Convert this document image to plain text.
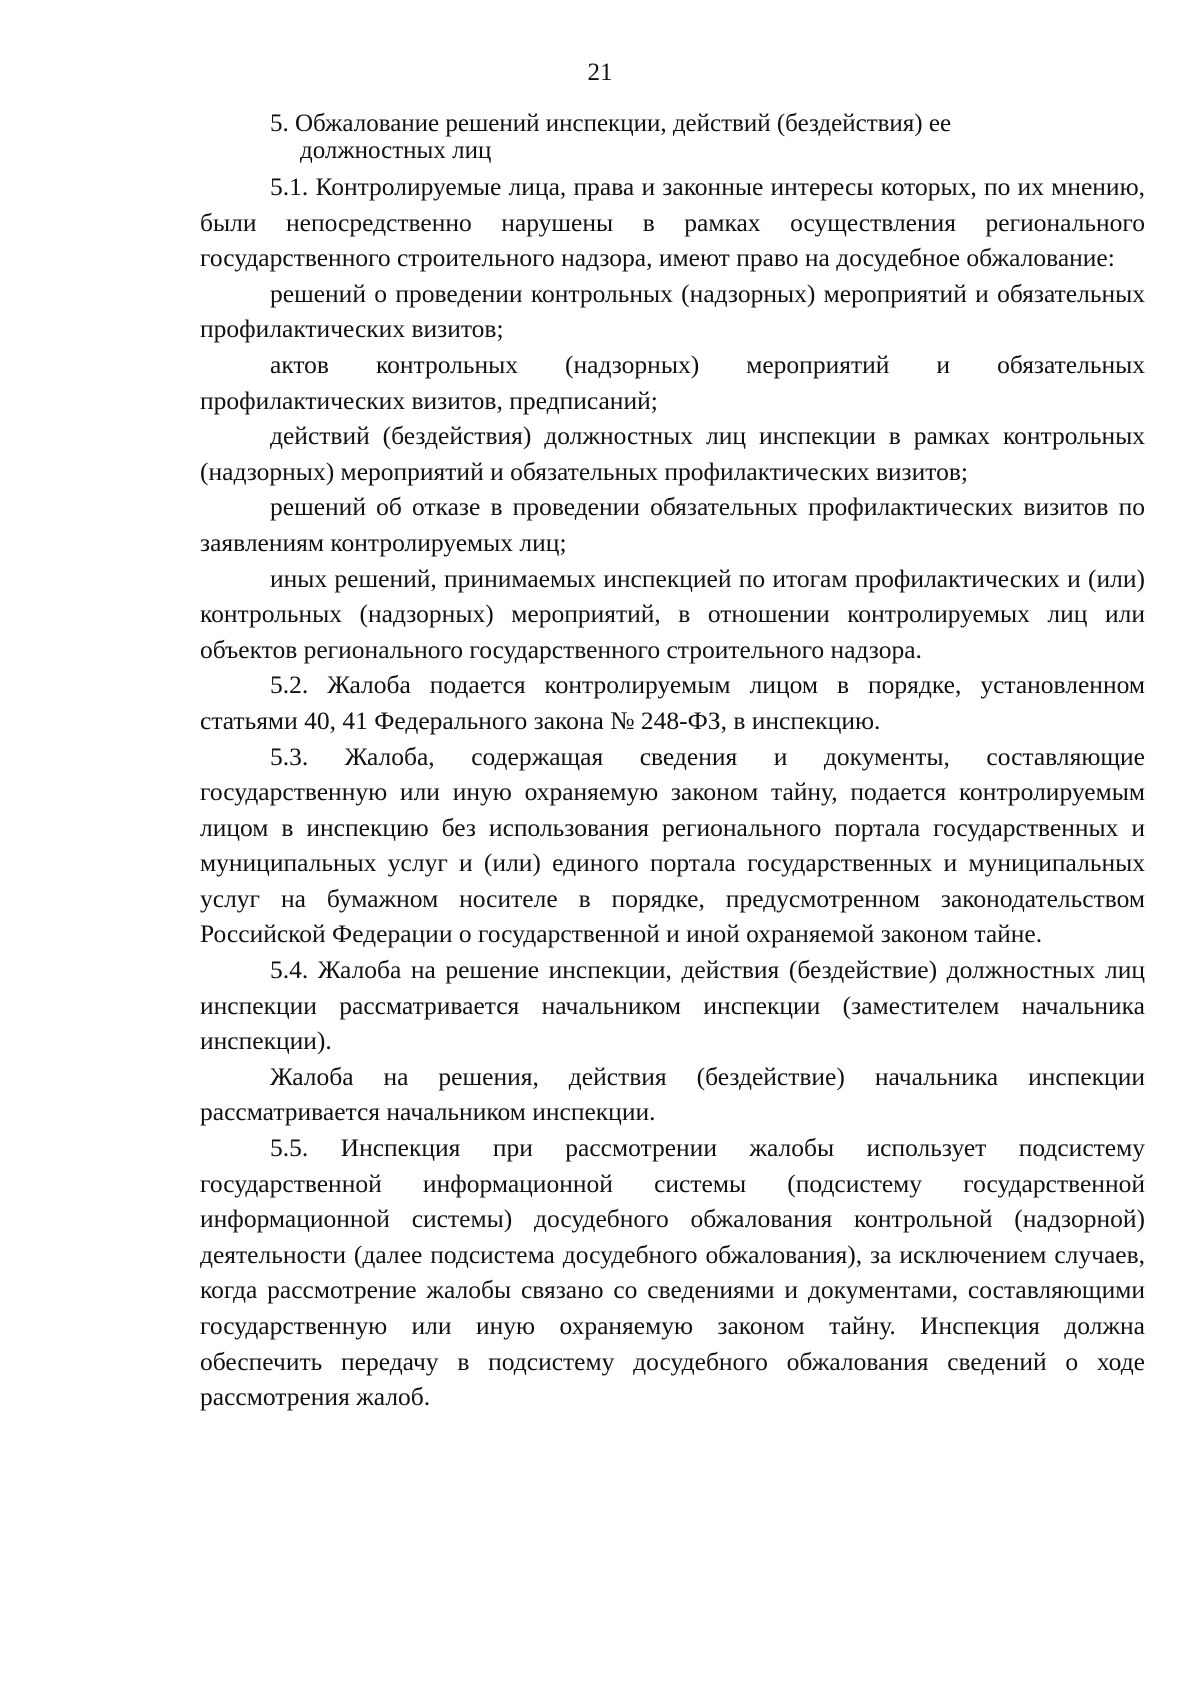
21
5. Обжалование решений инспекции, действий (бездействия) ее
должностных лиц

5.1. Контролируемые лица, права и законные интересы которых, по их мнению, были непосредственно нарушены в рамках осуществления регионального государственного строительного надзора, имеют право на досудебное обжалование:

решений о проведении контрольных (надзорных) мероприятий и обязательных профилактических визитов;

актов контрольных (надзорных) мероприятий и обязательных профилактических визитов, предписаний;

действий (бездействия) должностных лиц инспекции в рамках контрольных (надзорных) мероприятий и обязательных профилактических визитов;

решений об отказе в проведении обязательных профилактических визитов по заявлениям контролируемых лиц;

иных решений, принимаемых инспекцией по итогам профилактических и (или) контрольных (надзорных) мероприятий, в отношении контролируемых лиц или объектов регионального государственного строительного надзора.

5.2. Жалоба подается контролируемым лицом в порядке, установленном статьями 40, 41 Федерального закона № 248-ФЗ, в инспекцию.

5.3. Жалоба, содержащая сведения и документы, составляющие государственную или иную охраняемую законом тайну, подается контролируемым лицом в инспекцию без использования регионального портала государственных и муниципальных услуг и (или) единого портала государственных и муниципальных услуг на бумажном носителе в порядке, предусмотренном законодательством Российской Федерации о государственной и иной охраняемой законом тайне.

5.4. Жалоба на решение инспекции, действия (бездействие) должностных лиц инспекции рассматривается начальником инспекции (заместителем начальника инспекции).

Жалоба на решения, действия (бездействие) начальника инспекции рассматривается начальником инспекции.

5.5. Инспекция при рассмотрении жалобы использует подсистему государственной информационной системы (подсистему государственной информационной системы) досудебного обжалования контрольной (надзорной) деятельности (далее подсистема досудебного обжалования), за исключением случаев, когда рассмотрение жалобы связано со сведениями и документами, составляющими государственную или иную охраняемую законом тайну. Инспекция должна обеспечить передачу в подсистему досудебного обжалования сведений о ходе рассмотрения жалоб.
